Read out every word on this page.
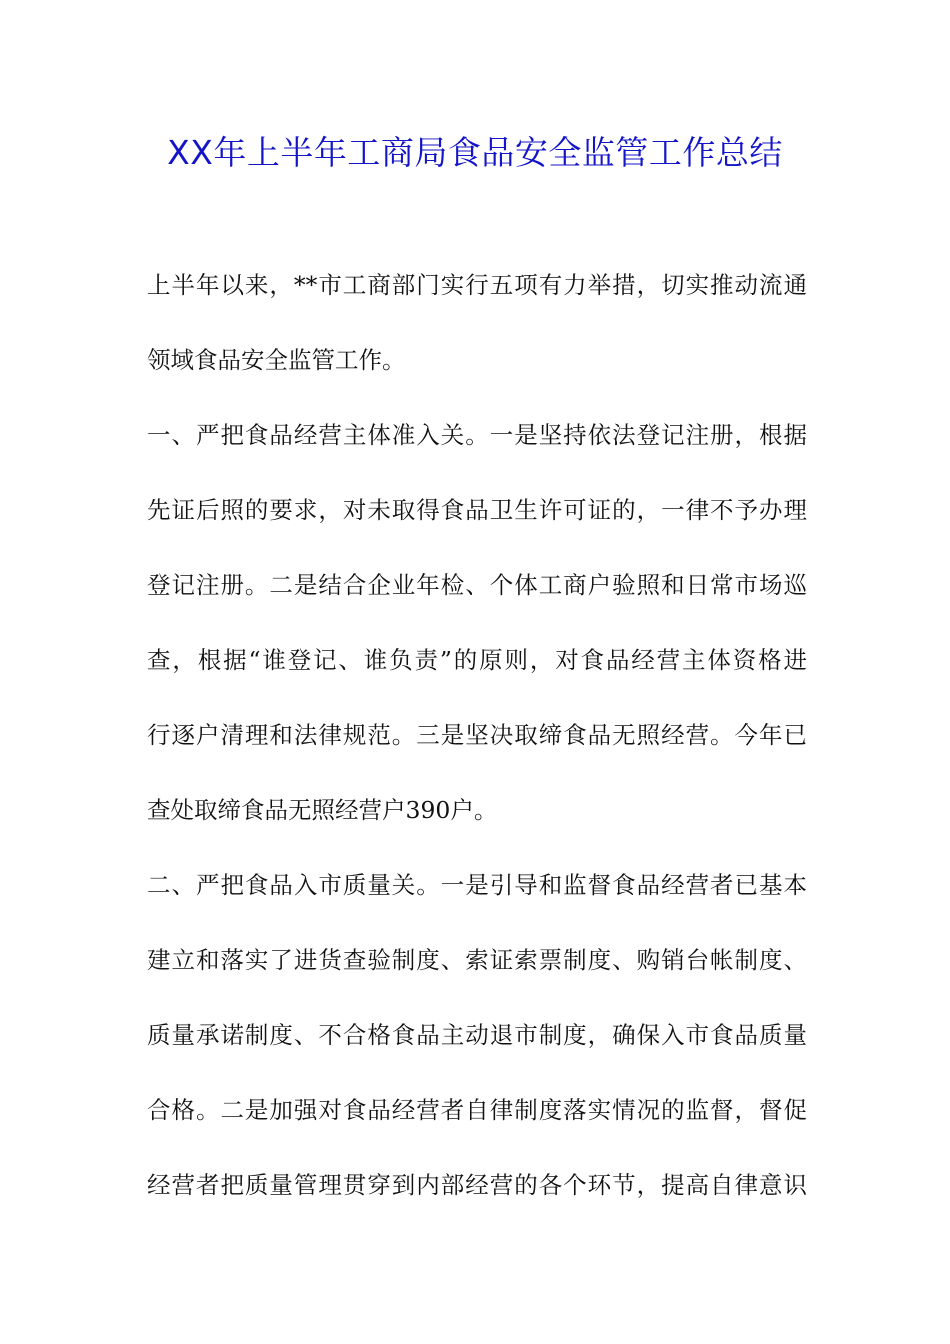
XX年上半年工商局食品安全监管工作总结
上半年以来，**市工商部门实行五项有力举措，切实推动流通
领域食品安全监管工作。
一、严把食品经营主体准入关。一是坚持依法登记注册，根据
先证后照的要求，对未取得食品卫生许可证的，一律不予办理
登记注册。二是结合企业年检、个体工商户验照和日常市场巡
查，根据“谁登记、谁负责”的原则，对食品经营主体资格进
行逐户清理和法律规范。三是坚决取缔食品无照经营。今年已
查处取缔食品无照经营户390户。
二、严把食品入市质量关。一是引导和监督食品经营者已基本
建立和落实了进货查验制度、索证索票制度、购销台帐制度、
质量承诺制度、不合格食品主动退市制度，确保入市食品质量
合格。二是加强对食品经营者自律制度落实情况的监督，督促
经营者把质量管理贯穿到内部经营的各个环节，提高自律意识
